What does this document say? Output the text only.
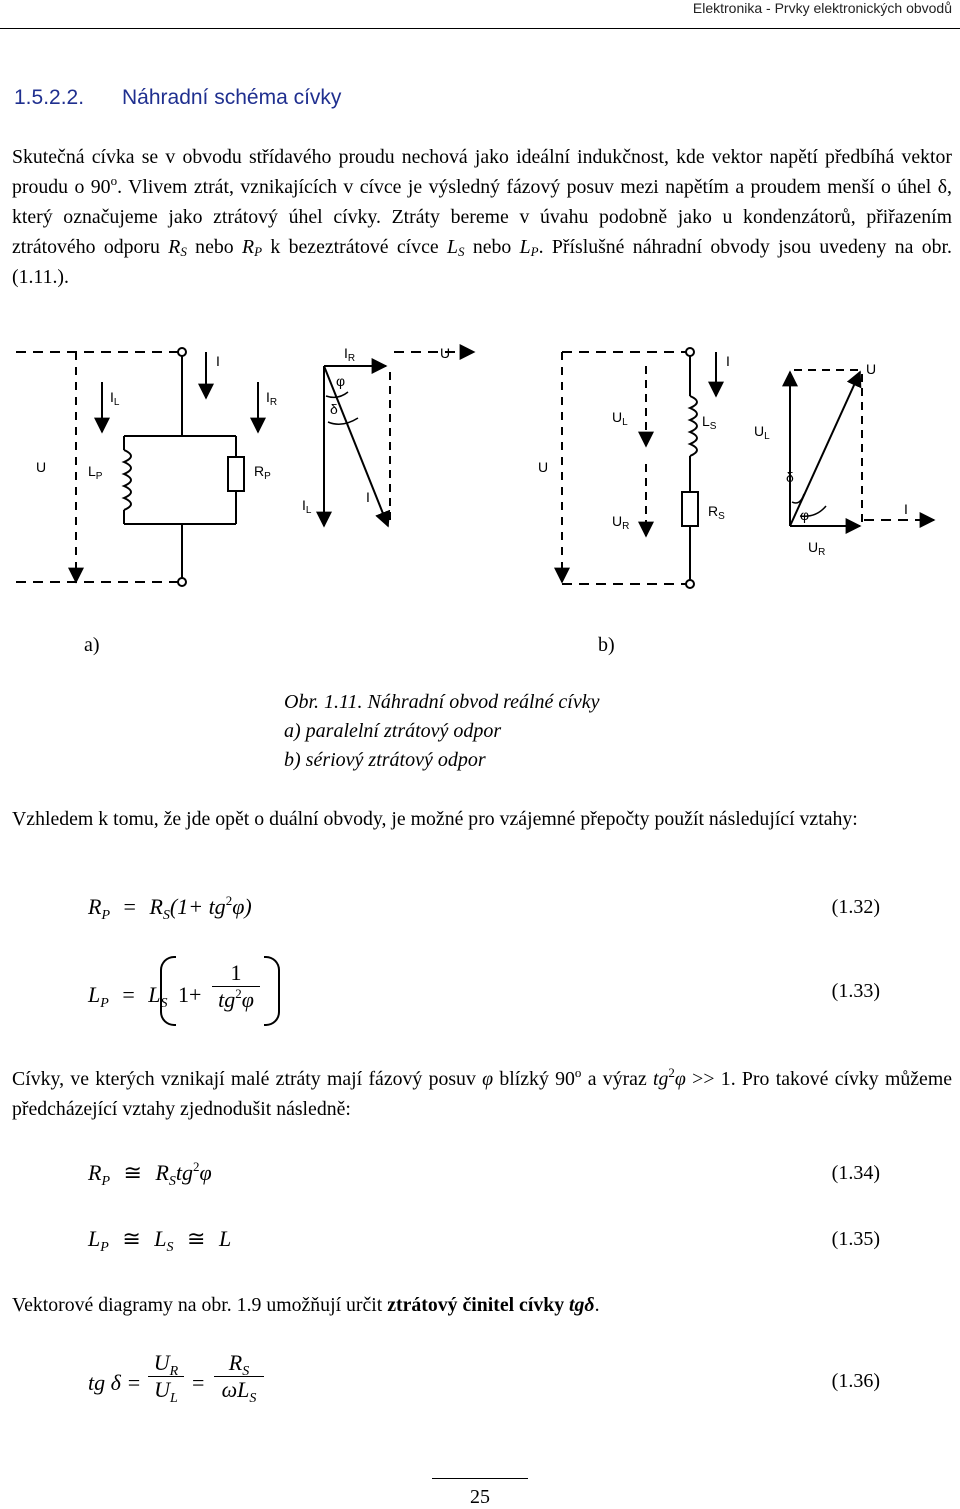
Elektronika - Prvky elektronických obvodů
1.5.2.2. Náhradní schéma cívky
Skutečná cívka se v obvodu střídavého proudu nechová jako ideální indukčnost, kde vektor napětí předbíhá vektor proudu o 90$^o$. Vlivem ztrát, vznikajících v cívce je výsledný fázový posuv mezi napětím a proudem menší o úhel δ, který označujeme jako ztrátový úhel cívky. Ztráty bereme v úvahu podobně jako u kondenzátorů, přiřazením ztrátového odporu $R_S$ nebo $R_P$ k bezeztrátové cívce $L_S$ nebo $L_P$. Příslušné náhradní obvody jsou uvedeny na obr. (1.11.).
U
I
$I_L$	$I_R$
$L_P$	$R_P$
$I_R$	U
φ
δ
$I_L$
I
U
I
$U_L$
$U_R$
$L_S$
$R_S$
U
$U_L$
δ
φ	I
$U_R$
a)	b)
Obr. 1.11. Náhradní obvod reálné cívky
a) paralelní ztrátový odpor
b) sériový ztrátový odpor
Vzhledem k tomu, že jde opět o duální obvody, je možné pro vzájemné přepočty použít následující vztahy:
$R_P = R_S(1+ tg^2\varphi)$	(1.32)
$L_P = L_S$ 1+
1
$tg^2\varphi$	(1.33)
Cívky, ve kterých vznikají malé ztráty mají fázový posuv φ blízký 90$^o$ a výraz $tg^2\varphi >> 1$. Pro takové cívky můžeme předcházející vztahy zjednodušit následně:
$R_P$ ≅ $R_Stg^2\varphi$	(1.34)
$L_P$ ≅ $L_S$ ≅ L	(1.35)
Vektorové diagramy na obr. 1.9 umožňují určit ztrátový činitel cívky tgδ.
tg δ =
$U_R$
$U_L$
=
$R_S$
$\omega L_S$
(1.36)
25
